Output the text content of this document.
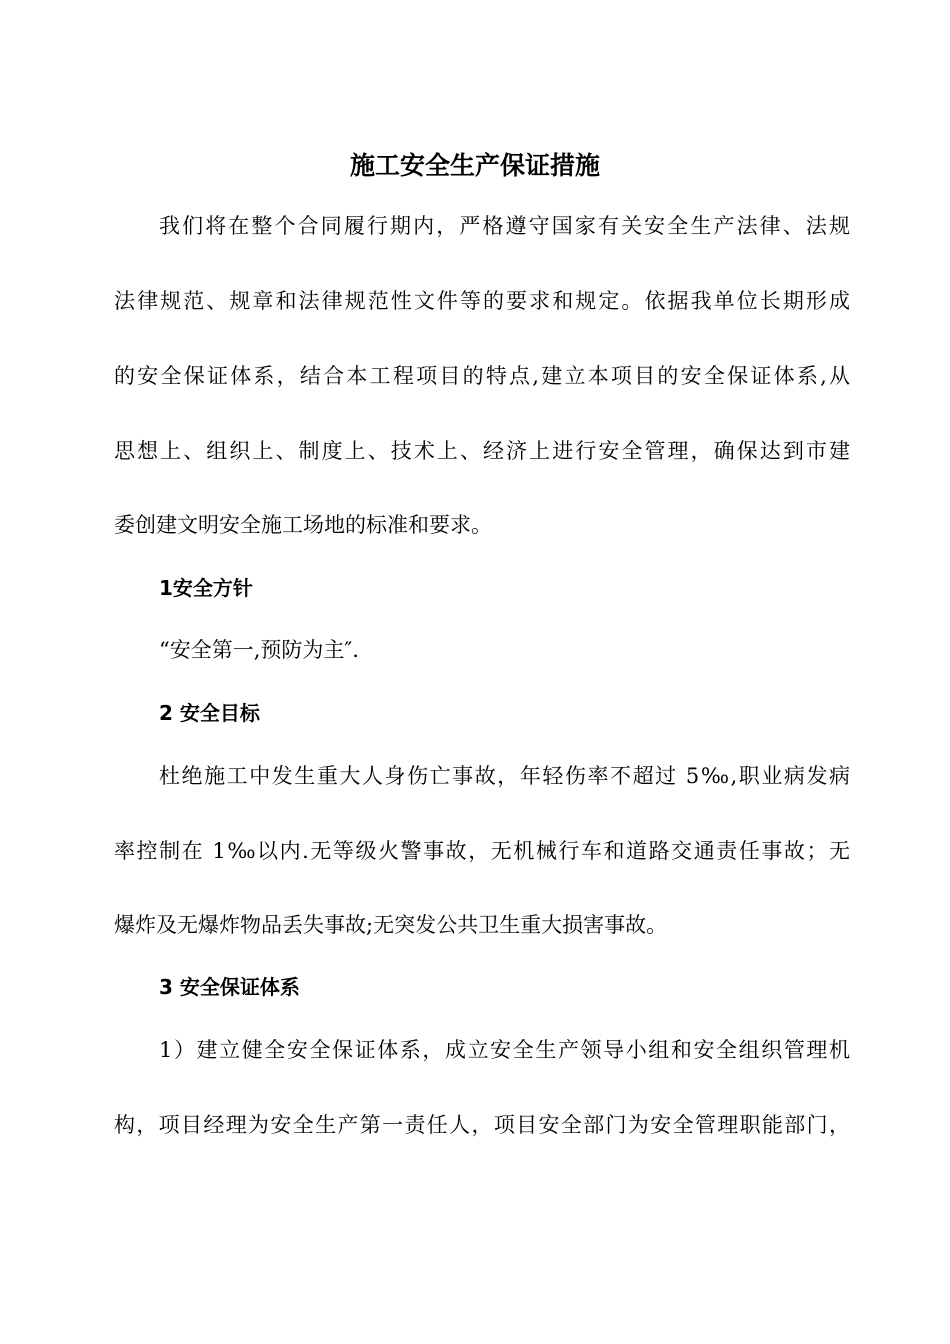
施工安全生产保证措施

我们将在整个合同履行期内，严格遵守国家有关安全生产法律、法规

法律规范、规章和法律规范性文件等的要求和规定。依据我单位长期形成

的安全保证体系，结合本工程项目的特点,建立本项目的安全保证体系,从

思想上、组织上、制度上、技术上、经济上进行安全管理，确保达到市建

委创建文明安全施工场地的标准和要求。

1安全方针

“安全第一,预防为主″.

2 安全目标

杜绝施工中发生重大人身伤亡事故，年轻伤率不超过 5‰,职业病发病

率控制在 1‰以内.无等级火警事故，无机械行车和道路交通责任事故；无

爆炸及无爆炸物品丢失事故;无突发公共卫生重大损害事故。

3 安全保证体系

1）建立健全安全保证体系，成立安全生产领导小组和安全组织管理机

构，项目经理为安全生产第一责任人，项目安全部门为安全管理职能部门，
